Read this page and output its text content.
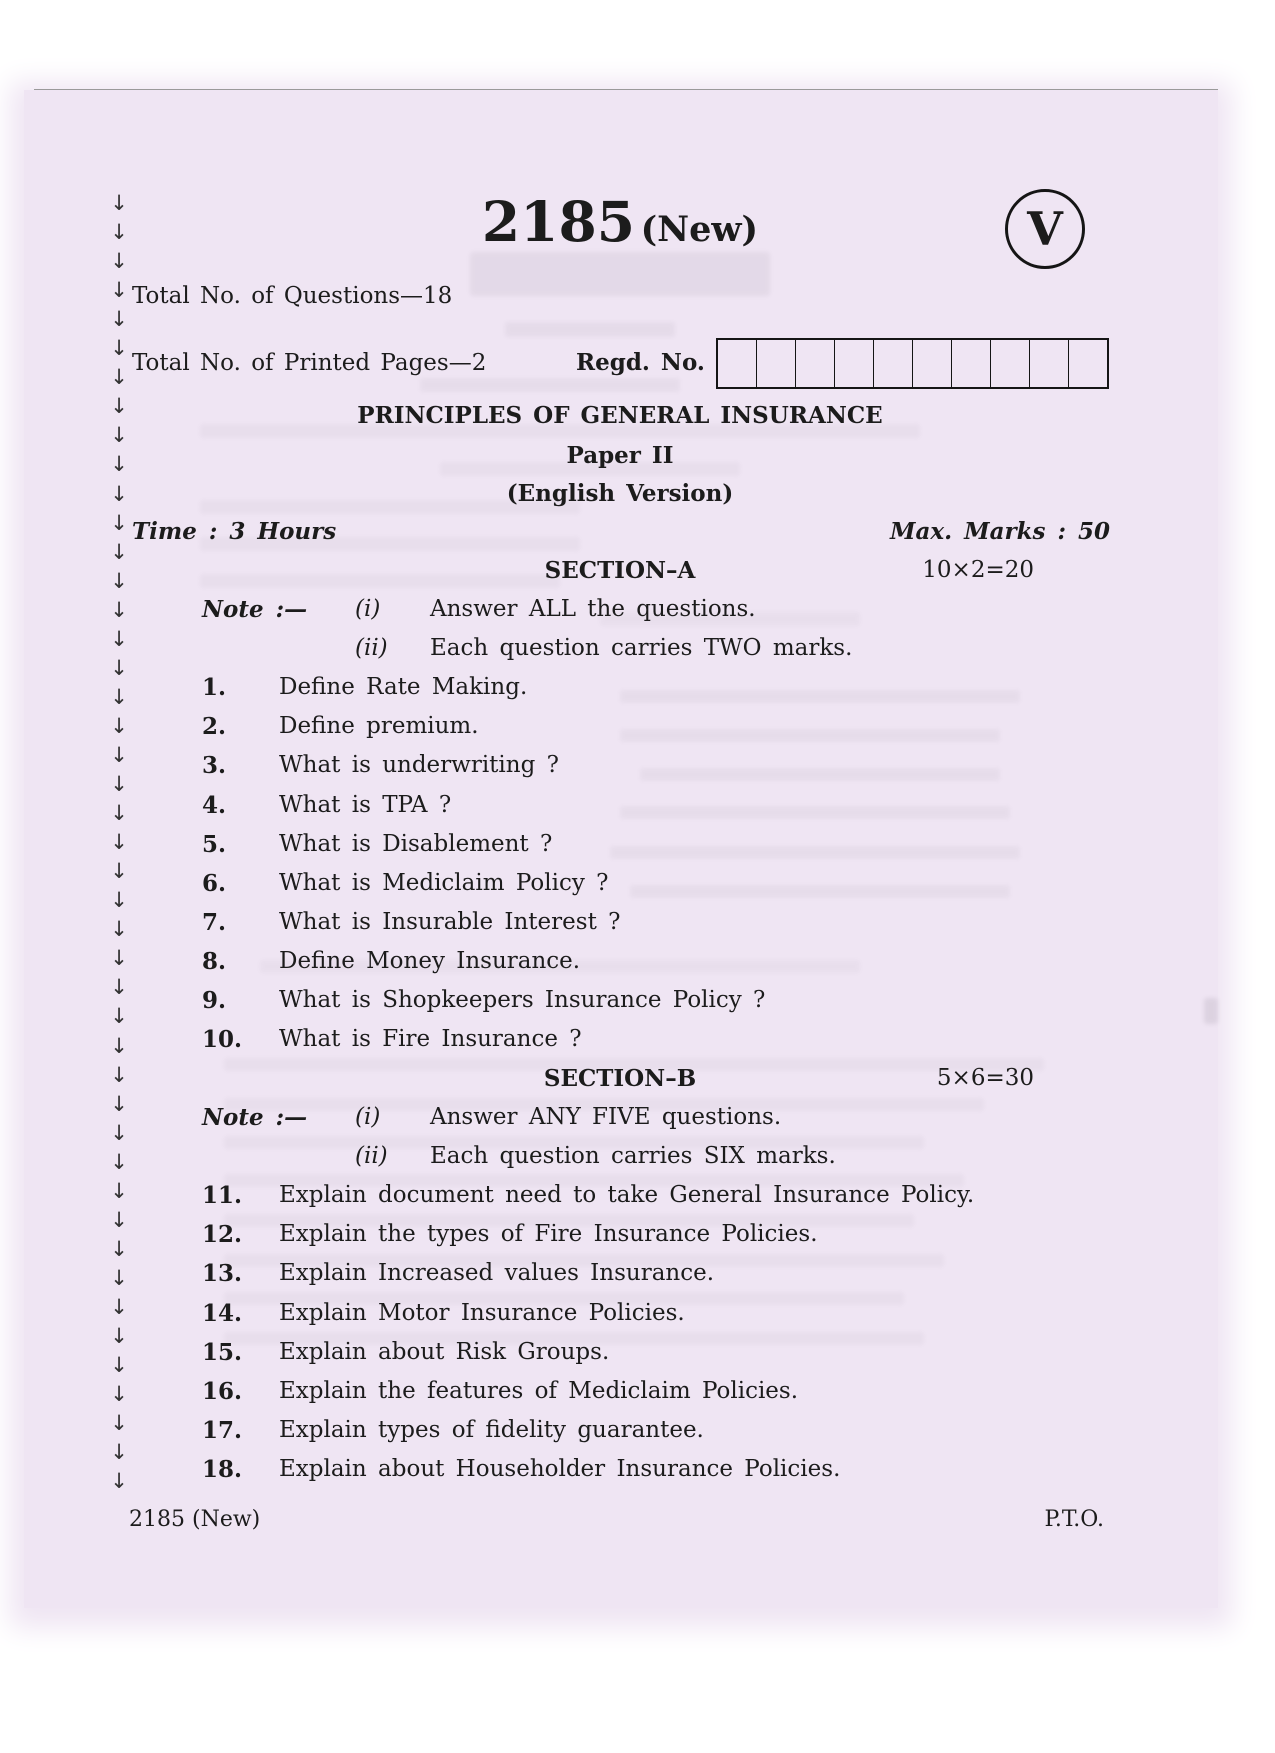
↓
↓
↓
↓
↓
↓
↓
↓
↓
↓
↓
↓
↓
↓
↓
↓
↓
↓
↓
↓
↓
↓
↓
↓
↓
↓
↓
↓
↓
↓
↓
↓
↓
↓
↓
↓
↓
↓
↓
↓
↓
↓
↓
↓
↓
2185 (New)	V
Total No. of Questions—18
Total No. of Printed Pages—2	Regd. No.
PRINCIPLES OF GENERAL INSURANCE
Paper II
(English Version)
Time : 3 Hours	Max. Marks : 50
SECTION–A	10×2=20
Note :— (i) Answer ALL the questions.
(ii) Each question carries TWO marks.
1. Define Rate Making.
2. Define premium.
3. What is underwriting ?
4. What is TPA ?
5. What is Disablement ?
6. What is Mediclaim Policy ?
7. What is Insurable Interest ?
8. Define Money Insurance.
9. What is Shopkeepers Insurance Policy ?
10. What is Fire Insurance ?
SECTION–B	5×6=30
Note :— (i) Answer ANY FIVE questions.
(ii) Each question carries SIX marks.
11. Explain document need to take General Insurance Policy.
12. Explain the types of Fire Insurance Policies.
13. Explain Increased values Insurance.
14. Explain Motor Insurance Policies.
15. Explain about Risk Groups.
16. Explain the features of Mediclaim Policies.
17. Explain types of fidelity guarantee.
18. Explain about Householder Insurance Policies.
2185 (New)	P.T.O.
